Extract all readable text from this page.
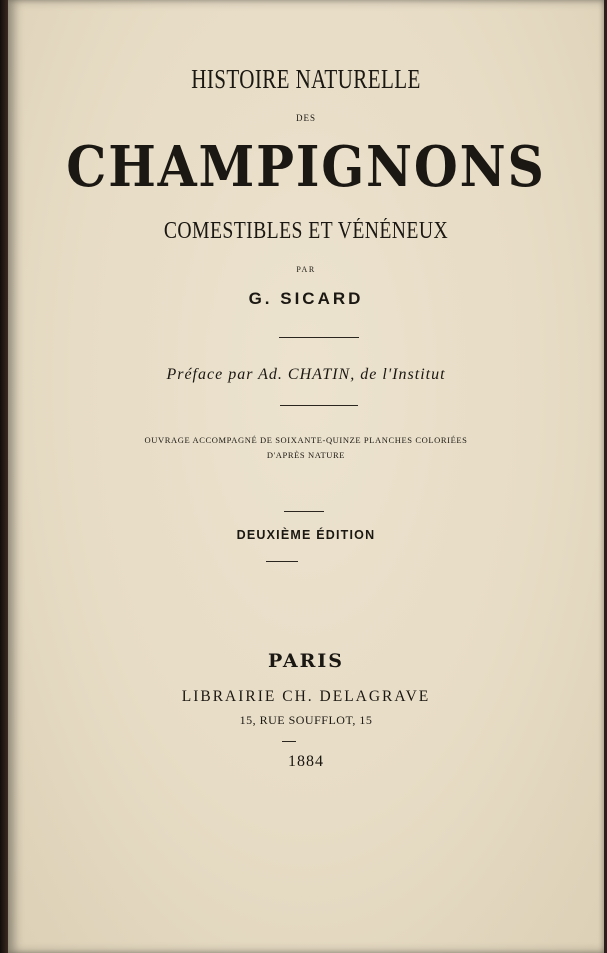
HISTOIRE NATURELLE
DES
CHAMPIGNONS
COMESTIBLES ET VÉNÉNEUX
PAR
G. SICARD
Préface par Ad. CHATIN, de l'Institut
OUVRAGE ACCOMPAGNÉ DE SOIXANTE-QUINZE PLANCHES COLORIÉES
D'APRÈS NATURE
DEUXIÈME ÉDITION
PARIS
LIBRAIRIE CH. DELAGRAVE
15, RUE SOUFFLOT, 15
1884
